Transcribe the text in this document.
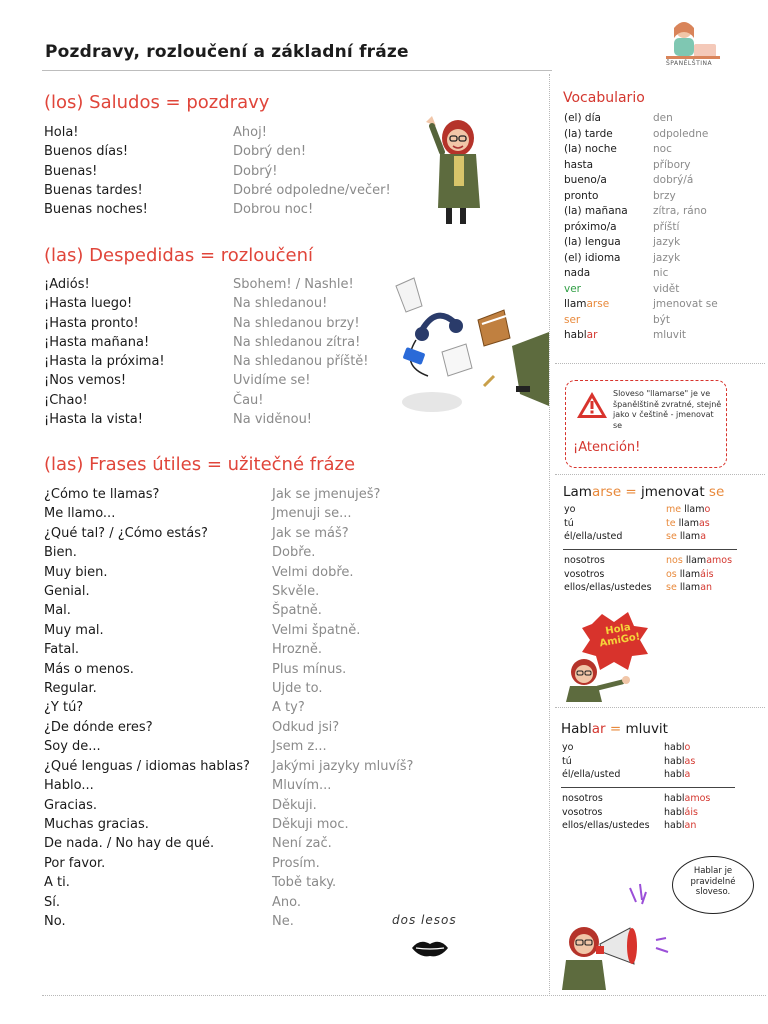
Pozdravy, rozloučení a základní fráze
ŠPANĚLŠTINA
(los) Saludos = pozdravy
Hola!
Buenos días!
Buenas!
Buenas tardes!
Buenas noches!
Ahoj!
Dobrý den!
Dobrý!
Dobré odpoledne/večer!
Dobrou noc!
(las) Despedidas = rozloučení
¡Adiós!
¡Hasta luego!
¡Hasta pronto!
¡Hasta mañana!
¡Hasta la próxima!
¡Nos vemos!
¡Chao!
¡Hasta la vista!
Sbohem! / Nashle!
Na shledanou!
Na shledanou brzy!
Na shledanou zítra!
Na shledanou příště!
Uvidíme se!
Čau!
Na viděnou!
(las) Frases útiles = užitečné fráze
¿Cómo te llamas?
Me llamo...
¿Qué tal? / ¿Cómo estás?
Bien.
Muy bien.
Genial.
Mal.
Muy mal.
Fatal.
Más o menos.
Regular.
¿Y tú?
¿De dónde eres?
Soy de...
¿Qué lenguas / idiomas hablas?
Hablo...
Gracias.
Muchas gracias.
De nada. / No hay de qué.
Por favor.
A ti.
Sí.
No.
Jak se jmenuješ?
Jmenuji se...
Jak se máš?
Dobře.
Velmi dobře.
Skvěle.
Špatně.
Velmi špatně.
Hrozně.
Plus mínus.
Ujde to.
A ty?
Odkud jsi?
Jsem z...
Jakými jazyky mluvíš?
Mluvím...
Děkuji.
Děkuji moc.
Není zač.
Prosím.
Tobě taky.
Ano.
Ne.	dos lesos
Vocabulario
(el) día
(la) tarde
(la) noche
hasta
bueno/a
pronto
(la) mañana
próximo/a
(la) lengua
(el) idioma
nada
ver
llamarse
ser
hablar
den
odpoledne
noc
příbory
dobrý/á
brzy
zítra, ráno
příští
jazyk
jazyk
nic
vidět
jmenovat se
být
mluvit
Sloveso "llamarse" je ve španělštině zvratné, stejně jako v češtině - jmenovat se
¡Atención!
Lamarse = jmenovat se
yo
tú
él/ella/usted
me llamo
te llamas
se llama
nosotros
vosotros
ellos/ellas/ustedes
nos llamamos
os llamáis
se llaman
Hola AmiGo!
Hablar = mluvit
yo
tú
él/ella/usted
hablo
hablas
habla
nosotros
vosotros
ellos/ellas/ustedes
hablamos
habláis
hablan
Hablar je pravidelné sloveso.
